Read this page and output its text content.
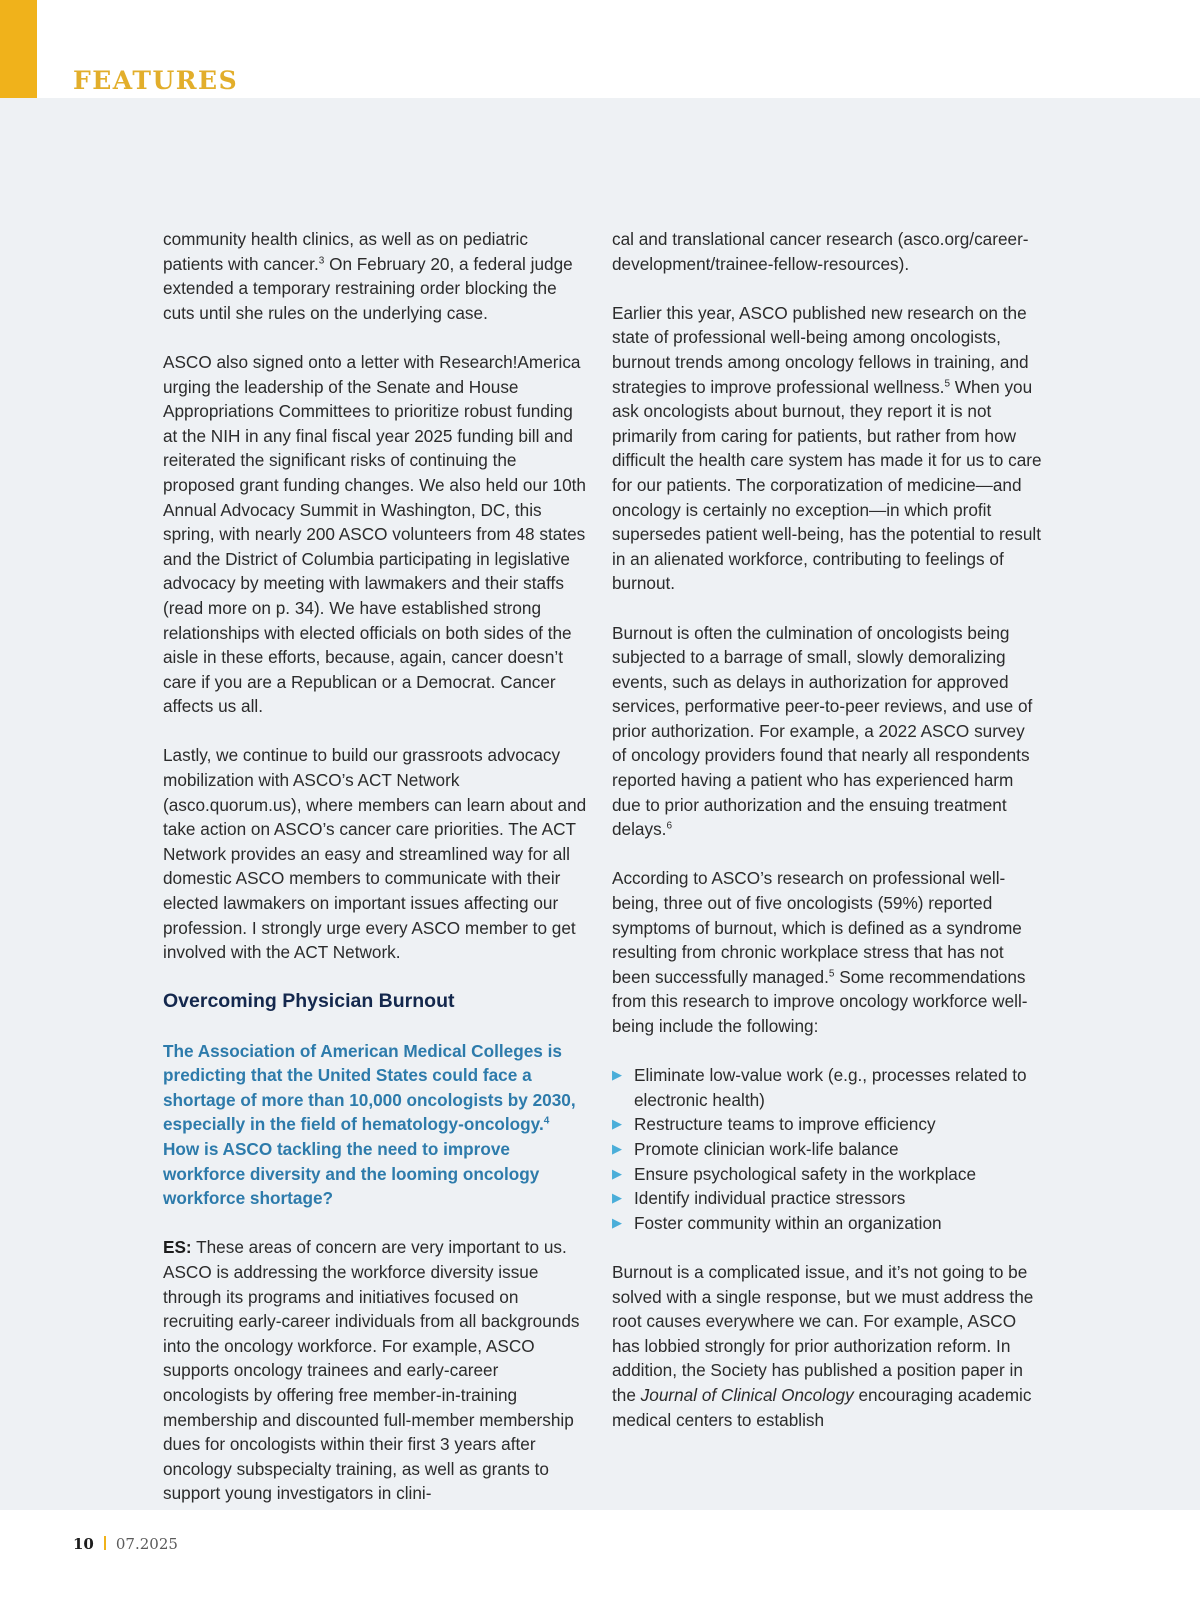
FEATURES

community health clinics, as well as on pediatric patients with cancer.$^3$ On February 20, a federal judge extended a temporary restraining order blocking the cuts until she rules on the underlying case.

ASCO also signed onto a letter with Research!America urging the leadership of the Senate and House Appropriations Committees to prioritize robust funding at the NIH in any final fiscal year 2025 funding bill and reiterated the significant risks of continuing the proposed grant funding changes. We also held our 10th Annual Advocacy Summit in Washington, DC, this spring, with nearly 200 ASCO volunteers from 48 states and the District of Columbia participating in legislative advocacy by meeting with lawmakers and their staffs (read more on p. 34). We have established strong relationships with elected officials on both sides of the aisle in these efforts, because, again, cancer doesn’t care if you are a Republican or a Democrat. Cancer affects us all.

Lastly, we continue to build our grassroots advocacy mobilization with ASCO’s ACT Network (asco.quorum.us), where members can learn about and take action on ASCO’s cancer care priorities. The ACT Network provides an easy and streamlined way for all domestic ASCO members to communicate with their elected lawmakers on important issues affecting our profession. I strongly urge every ASCO member to get involved with the ACT Network.

Overcoming Physician Burnout

The Association of American Medical Colleges is predicting that the United States could face a shortage of more than 10,000 oncologists by 2030, especially in the field of hematology-oncology.$^4$ How is ASCO tackling the need to improve workforce diversity and the looming oncology workforce shortage?

ES: These areas of concern are very important to us. ASCO is addressing the workforce diversity issue through its programs and initiatives focused on recruiting early-career individuals from all backgrounds into the oncology workforce. For example, ASCO supports oncology trainees and early-career oncologists by offering free member-in-training membership and discounted full-member membership dues for oncologists within their first 3 years after oncology subspecialty training, as well as grants to support young investigators in clini-

cal and translational cancer research (asco.org/career-development/trainee-fellow-resources).

Earlier this year, ASCO published new research on the state of professional well-being among oncologists, burnout trends among oncology fellows in training, and strategies to improve professional wellness.$^5$ When you ask oncologists about burnout, they report it is not primarily from caring for patients, but rather from how difficult the health care system has made it for us to care for our patients. The corporatization of medicine—and oncology is certainly no exception—in which profit supersedes patient well-being, has the potential to result in an alienated workforce, contributing to feelings of burnout.

Burnout is often the culmination of oncologists being subjected to a barrage of small, slowly demoralizing events, such as delays in authorization for approved services, performative peer-to-peer reviews, and use of prior authorization. For example, a 2022 ASCO survey of oncology providers found that nearly all respondents reported having a patient who has experienced harm due to prior authorization and the ensuing treatment delays.$^6$

According to ASCO’s research on professional well-being, three out of five oncologists (59%) reported symptoms of burnout, which is defined as a syndrome resulting from chronic workplace stress that has not been successfully managed.$^5$ Some recommendations from this research to improve oncology workforce well-being include the following:

▶ Eliminate low-value work (e.g., processes related to electronic health)
▶ Restructure teams to improve efficiency
▶ Promote clinician work-life balance
▶ Ensure psychological safety in the workplace
▶ Identify individual practice stressors
▶ Foster community within an organization

Burnout is a complicated issue, and it’s not going to be solved with a single response, but we must address the root causes everywhere we can. For example, ASCO has lobbied strongly for prior authorization reform. In addition, the Society has published a position paper in the Journal of Clinical Oncology encouraging academic medical centers to establish

10 07.2025
